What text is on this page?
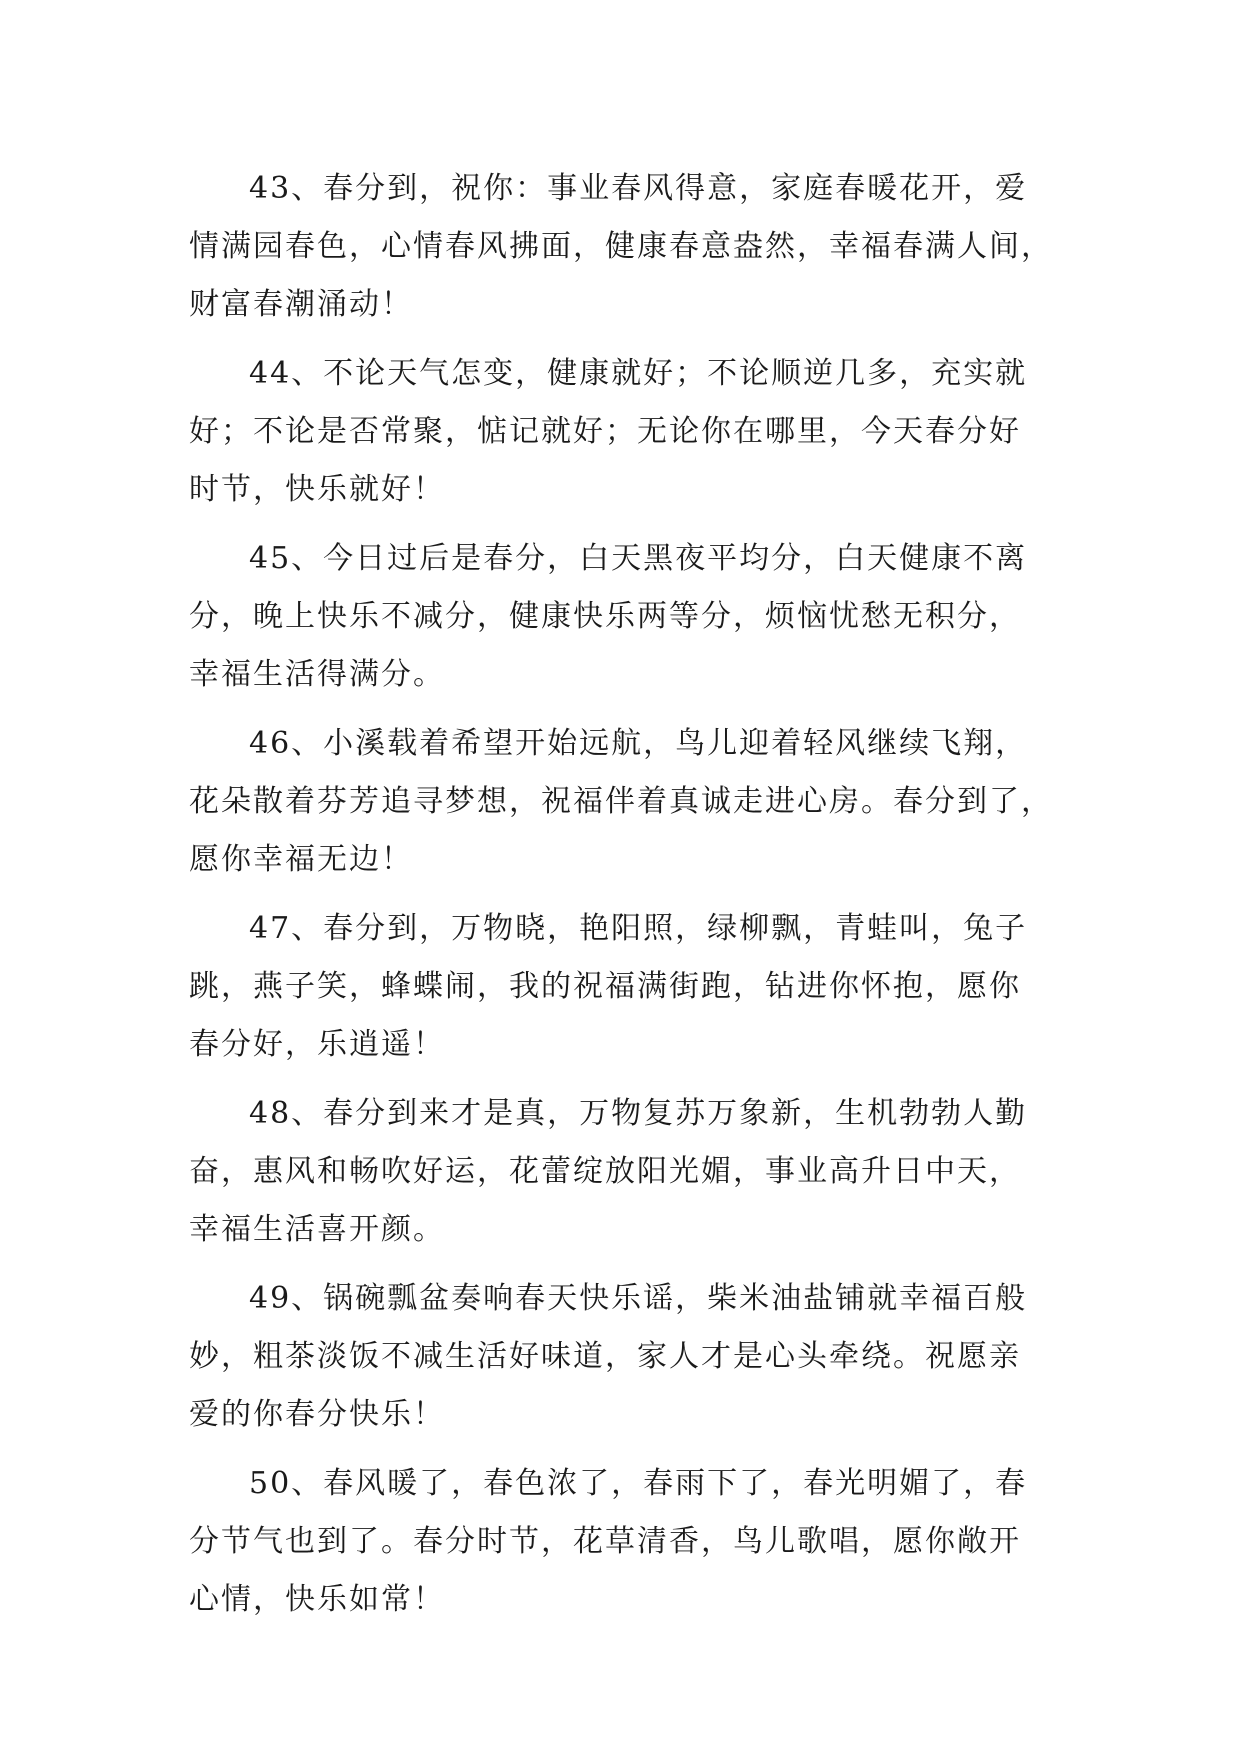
43、春分到，祝你：事业春风得意，家庭春暖花开，爱
情满园春色，心情春风拂面，健康春意盎然，幸福春满人间，
财富春潮涌动！

44、不论天气怎变，健康就好；不论顺逆几多，充实就
好；不论是否常聚，惦记就好；无论你在哪里，今天春分好
时节，快乐就好！

45、今日过后是春分，白天黑夜平均分，白天健康不离
分，晚上快乐不减分，健康快乐两等分，烦恼忧愁无积分，
幸福生活得满分。

46、小溪载着希望开始远航，鸟儿迎着轻风继续飞翔，
花朵散着芬芳追寻梦想，祝福伴着真诚走进心房。春分到了，
愿你幸福无边！

47、春分到，万物晓，艳阳照，绿柳飘，青蛙叫，兔子
跳，燕子笑，蜂蝶闹，我的祝福满街跑，钻进你怀抱，愿你
春分好，乐逍遥！

48、春分到来才是真，万物复苏万象新，生机勃勃人勤
奋，惠风和畅吹好运，花蕾绽放阳光媚，事业高升日中天，
幸福生活喜开颜。

49、锅碗瓢盆奏响春天快乐谣，柴米油盐铺就幸福百般
妙，粗茶淡饭不减生活好味道，家人才是心头牵绕。祝愿亲
爱的你春分快乐！

50、春风暖了，春色浓了，春雨下了，春光明媚了，春
分节气也到了。春分时节，花草清香，鸟儿歌唱，愿你敞开
心情，快乐如常！
